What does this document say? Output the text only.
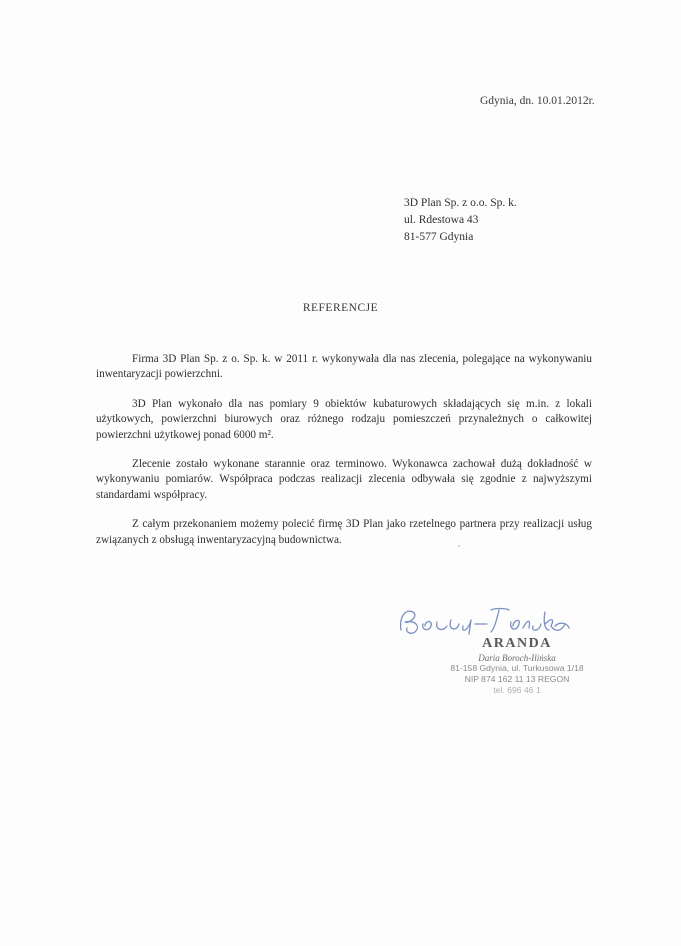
Gdynia, dn. 10.01.2012r.
3D Plan Sp. z o.o. Sp. k.
ul. Rdestowa 43
81-577 Gdynia
REFERENCJE

Firma 3D Plan Sp. z o. Sp. k. w 2011 r. wykonywała dla nas zlecenia, polegające na wykonywaniu inwentaryzacji powierzchni.

3D Plan wykonało dla nas pomiary 9 obiektów kubaturowych składających się m.in. z lokali użytkowych, powierzchni biurowych oraz różnego rodzaju pomieszczeń przynależnych o całkowitej powierzchni użytkowej ponad 6000 m².

Zlecenie zostało wykonane starannie oraz terminowo. Wykonawca zachował dużą dokładność w wykonywaniu pomiarów. Współpraca podczas realizacji zlecenia odbywała się zgodnie z najwyższymi standardami współpracy.

Z całym przekonaniem możemy polecić firmę 3D Plan jako rzetelnego partnera przy realizacji usług związanych z obsługą inwentaryzacyjną budownictwa.

ARANDA
Daria Boroch-Ilińska
81-158 Gdynia, ul. Turkusowa 1/18
NIP 874 162 11 13 REGON
tel. 696 46 1
